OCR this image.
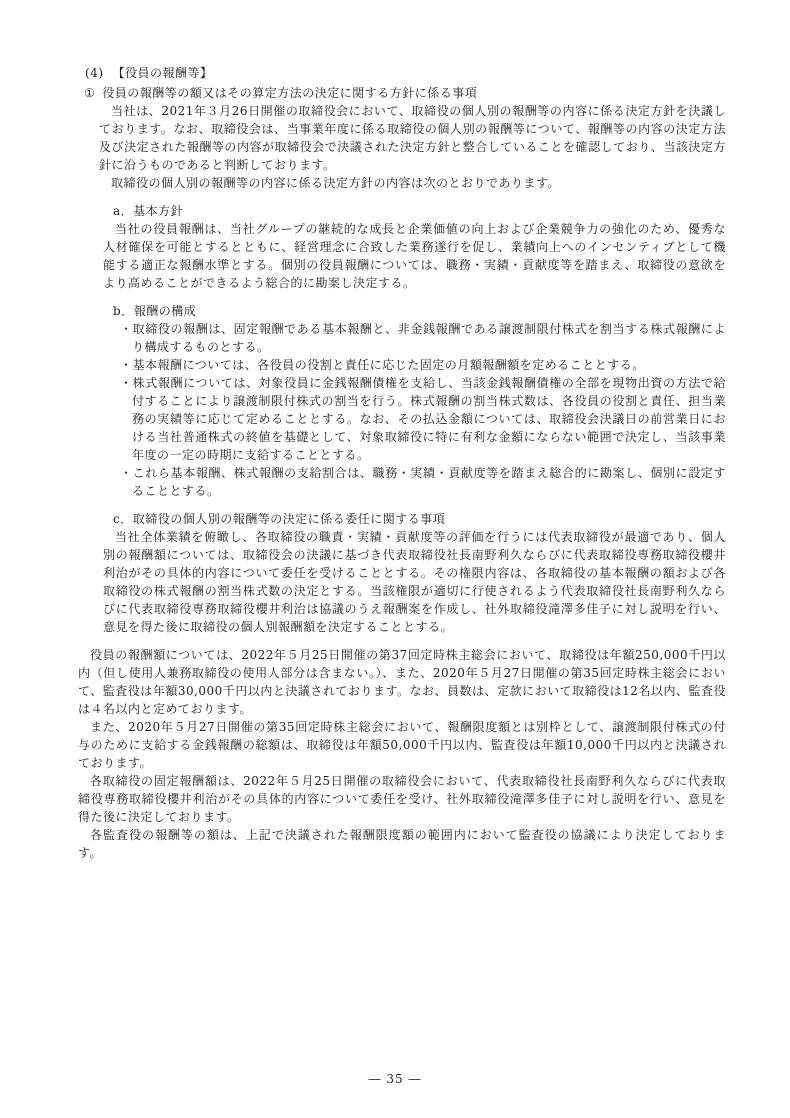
(4) 【役員の報酬等】

① 役員の報酬等の額又はその算定方法の決定に関する方針に係る事項

当社は、2021年３月26日開催の取締役会において、取締役の個人別の報酬等の内容に係る決定方針を決議しております。なお、取締役会は、当事業年度に係る取締役の個人別の報酬等について、報酬等の内容の決定方法及び決定された報酬等の内容が取締役会で決議された決定方針と整合していることを確認しており、当該決定方針に沿うものであると判断しております。

取締役の個人別の報酬等の内容に係る決定方針の内容は次のとおりであります。

a．基本方針

当社の役員報酬は、当社グループの継続的な成長と企業価値の向上および企業競争力の強化のため、優秀な人材確保を可能とするとともに、経営理念に合致した業務遂行を促し、業績向上へのインセンティブとして機能する適正な報酬水準とする。個別の役員報酬については、職務・実績・貢献度等を踏まえ、取締役の意欲をより高めることができるよう総合的に勘案し決定する。

b．報酬の構成

・取締役の報酬は、固定報酬である基本報酬と、非金銭報酬である譲渡制限付株式を割当する株式報酬により構成するものとする。
・基本報酬については、各役員の役割と責任に応じた固定の月額報酬額を定めることとする。
・株式報酬については、対象役員に金銭報酬債権を支給し、当該金銭報酬債権の全部を現物出資の方法で給付することにより譲渡制限付株式の割当を行う。株式報酬の割当株式数は、各役員の役割と責任、担当業務の実績等に応じて定めることとする。なお、その払込金額については、取締役会決議日の前営業日における当社普通株式の終値を基礎として、対象取締役に特に有利な金額にならない範囲で決定し、当該事業年度の一定の時期に支給することとする。
・これら基本報酬、株式報酬の支給割合は、職務・実績・貢献度等を踏まえ総合的に勘案し、個別に設定することとする。

c．取締役の個人別の報酬等の決定に係る委任に関する事項

当社全体業績を俯瞰し、各取締役の職責・実績・貢献度等の評価を行うには代表取締役が最適であり、個人別の報酬額については、取締役会の決議に基づき代表取締役社長南野利久ならびに代表取締役専務取締役櫻井利治がその具体的内容について委任を受けることとする。その権限内容は、各取締役の基本報酬の額および各取締役の株式報酬の割当株式数の決定とする。当該権限が適切に行使されるよう代表取締役社長南野利久ならびに代表取締役専務取締役櫻井利治は協議のうえ報酬案を作成し、社外取締役滝澤多佳子に対し説明を行い、意見を得た後に取締役の個人別報酬額を決定することとする。

役員の報酬額については、2022年５月25日開催の第37回定時株主総会において、取締役は年額250,000千円以内（但し使用人兼務取締役の使用人部分は含まない。）、また、2020年５月27日開催の第35回定時株主総会において、監査役は年額30,000千円以内と決議されております。なお、員数は、定款において取締役は12名以内、監査役は４名以内と定めております。

また、2020年５月27日開催の第35回定時株主総会において、報酬限度額とは別枠として、譲渡制限付株式の付与のために支給する金銭報酬の総額は、取締役は年額50,000千円以内、監査役は年額10,000千円以内と決議されております。

各取締役の固定報酬額は、2022年５月25日開催の取締役会において、代表取締役社長南野利久ならびに代表取締役専務取締役櫻井利治がその具体的内容について委任を受け、社外取締役滝澤多佳子に対し説明を行い、意見を得た後に決定しております。

各監査役の報酬等の額は、上記で決議された報酬限度額の範囲内において監査役の協議により決定しております。

― 35 ―
